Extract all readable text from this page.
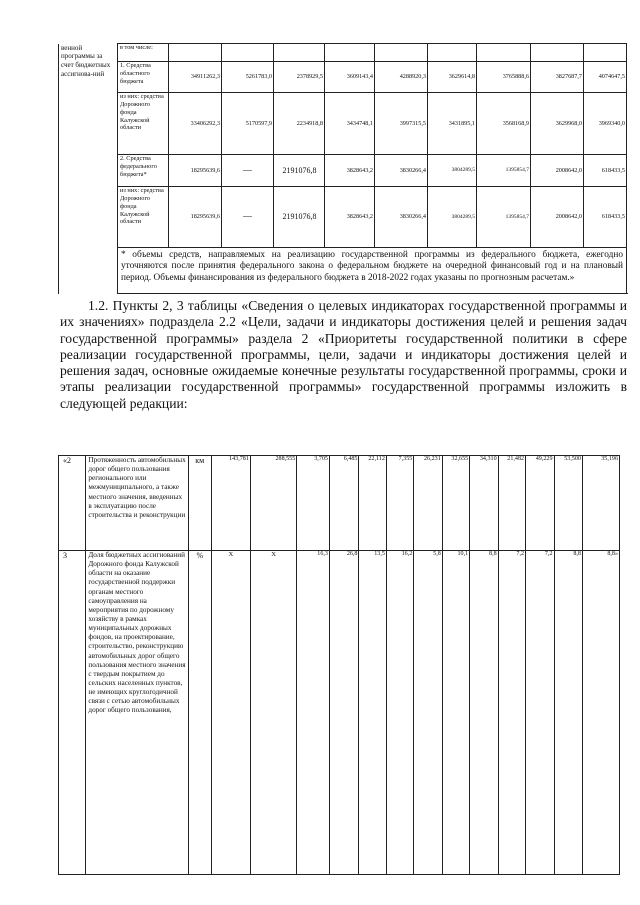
венной программы за счет бюджетных ассигнова-ний	в том числе:										
	1. Средства областного бюджета	34911262,3	5261783,0	2378929,5	3609143,4	4288920,3	3629614,8	3765888,6	3827687,7	4074647,5	
	из них: средства Дорожного фонда Калужской области	33406292,3	5170597,9	2234918,8	3434748,1	3997315,5	3431895,1	3568168,9	3629968,0	3969340,0	
	2. Средства федерального бюджета*	18295639,6	—	2191076,8	3828643,2	3830266,4	3804289,5	1395854,7	2008642,0	618433,5	
	из них: средства Дорожного фонда Калужской области	18295639,6	—	2191076,8	3828643,2	3830266,4	3804289,5	1395854,7	2008642,0	618433,5	
	* объемы средств, направляемых на реализацию государственной программы из федерального бюджета, ежегодно уточняются после принятия федерального закона о федеральном бюджете на очередной финансовый год и на плановый период. Объемы финансирования из федерального бюджета в 2018-2022 годах указаны по прогнозным расчетам.»										

1.2. Пункты 2, 3 таблицы «Сведения о целевых индикаторах государственной программы и их значениях» подраздела 2.2 «Цели, задачи и индикаторы достижения целей и решения задач государственной программы» раздела 2 «Приоритеты государственной политики в сфере реализации государственной программы, цели, задачи и индикаторы достижения целей и решения задач, основные ожидаемые конечные результаты государственной программы, сроки и этапы реализации государственной программы» государственной программы изложить в следующей редакции:

«2	Протяженность автомобильных дорог общего пользования регионального или межмуниципального, а также местного значения, введенных в эксплуатацию после строительства и реконструкции	км	143,781	288,555	3,705	6,485	22,112	7,355	26,231	32,655	34,310	21,482	49,229	53,500	35,196
3	Доля бюджетных ассигнований Дорожного фонда Калужской области на оказание государственной поддержки органам местного самоуправления на мероприятия по дорожному хозяйству в рамках муниципальных дорожных фондов, на проектирование, строительство, реконструкцию автомобильных дорог общего пользования местного значения с твердым покрытием до сельских населенных пунктов, не имеющих круглогодичной связи с сетью автомобильных дорог общего пользования,	%	Х	Х	16,3	26,8	13,5	16,2	5,8	10,1	8,8	7,2	7,2	8,8	8,8»
